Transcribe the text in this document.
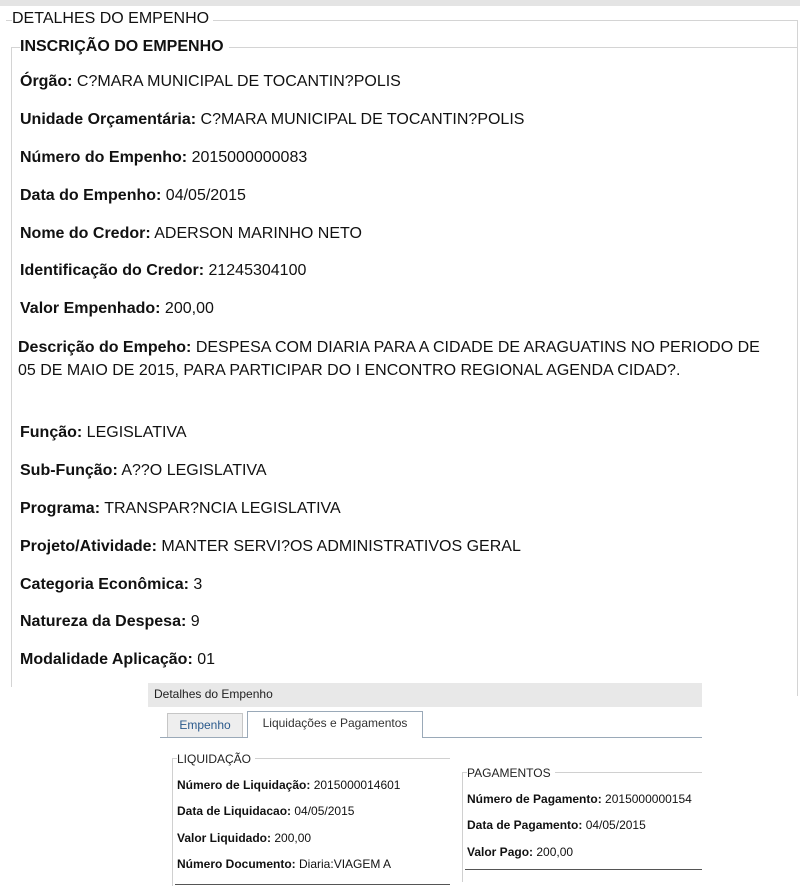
DETALHES DO EMPENHO
INSCRIÇÃO DO EMPENHO
Órgão: C?MARA MUNICIPAL DE TOCANTIN?POLIS
Unidade Orçamentária: C?MARA MUNICIPAL DE TOCANTIN?POLIS
Número do Empenho: 2015000000083
Data do Empenho: 04/05/2015
Nome do Credor: ADERSON MARINHO NETO
Identificação do Credor: 21245304100
Valor Empenhado: 200,00
Descrição do Empeho: DESPESA COM DIARIA PARA A CIDADE DE ARAGUATINS NO PERIODO DE 05 DE MAIO DE 2015, PARA PARTICIPAR DO I ENCONTRO REGIONAL AGENDA CIDAD?.
Função: LEGISLATIVA
Sub-Função: A??O LEGISLATIVA
Programa: TRANSPAR?NCIA LEGISLATIVA
Projeto/Atividade: MANTER SERVI?OS ADMINISTRATIVOS GERAL
Categoria Econômica: 3
Natureza da Despesa: 9
Modalidade Aplicação: 01
Detalhes do Empenho
Empenho	Liquidações e Pagamentos
LIQUIDAÇÃO
Número de Liquidação: 2015000014601
Data de Liquidacao: 04/05/2015
Valor Liquidado: 200,00
Número Documento: Diaria:VIAGEM A
PAGAMENTOS
Número de Pagamento: 2015000000154
Data de Pagamento: 04/05/2015
Valor Pago: 200,00
